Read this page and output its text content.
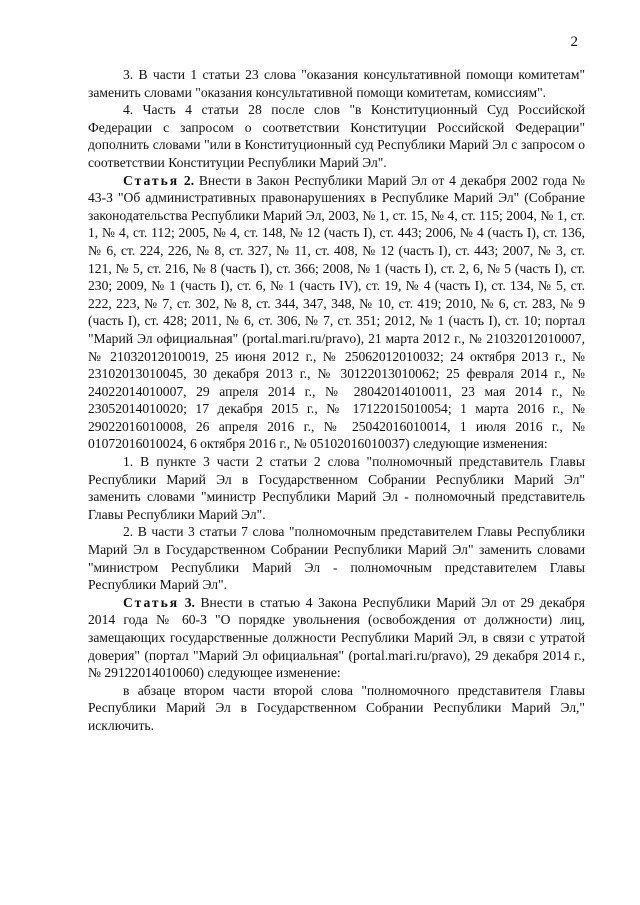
2

3. В части 1 статьи 23 слова "оказания консультативной помощи комитетам" заменить словами "оказания консультативной помощи комитетам, комиссиям".

4. Часть 4 статьи 28 после слов "в Конституционный Суд Российской Федерации с запросом о соответствии Конституции Российской Федерации" дополнить словами "или в Конституционный суд Республики Марий Эл с запросом о соответствии Конституции Республики Марий Эл".

Статья 2. Внести в Закон Республики Марий Эл от 4 декабря 2002 года № 43-З "Об административных правонарушениях в Республике Марий Эл" (Собрание законодательства Республики Марий Эл, 2003, № 1, ст. 15, № 4, ст. 115; 2004, № 1, ст. 1, № 4, ст. 112; 2005, № 4, ст. 148, № 12 (часть I), ст. 443; 2006, № 4 (часть I), ст. 136, № 6, ст. 224, 226, № 8, ст. 327, № 11, ст. 408, № 12 (часть I), ст. 443; 2007, № 3, ст. 121, № 5, ст. 216, № 8 (часть I), ст. 366; 2008, № 1 (часть I), ст. 2, 6, № 5 (часть I), ст. 230; 2009, № 1 (часть I), ст. 6, № 1 (часть IV), ст. 19, № 4 (часть I), ст. 134, № 5, ст. 222, 223, № 7, ст. 302, № 8, ст. 344, 347, 348, № 10, ст. 419; 2010, № 6, ст. 283, № 9 (часть I), ст. 428; 2011, № 6, ст. 306, № 7, ст. 351; 2012, № 1 (часть I), ст. 10; портал "Марий Эл официальная" (portal.mari.ru/pravo), 21 марта 2012 г., № 21032012010007, № 21032012010019, 25 июня 2012 г., № 25062012010032; 24 октября 2013 г., № 23102013010045, 30 декабря 2013 г., № 30122013010062; 25 февраля 2014 г., № 24022014010007, 29 апреля 2014 г., № 28042014010011, 23 мая 2014 г., № 23052014010020; 17 декабря 2015 г., № 17122015010054; 1 марта 2016 г., № 29022016010008, 26 апреля 2016 г., № 25042016010014, 1 июля 2016 г., № 01072016010024, 6 октября 2016 г., № 05102016010037) следующие изменения:

1. В пункте 3 части 2 статьи 2 слова "полномочный представитель Главы Республики Марий Эл в Государственном Собрании Республики Марий Эл" заменить словами "министр Республики Марий Эл - полномочный представитель Главы Республики Марий Эл".

2. В части 3 статьи 7 слова "полномочным представителем Главы Республики Марий Эл в Государственном Собрании Республики Марий Эл" заменить словами "министром Республики Марий Эл - полномочным представителем Главы Республики Марий Эл".

Статья 3. Внести в статью 4 Закона Республики Марий Эл от 29 декабря 2014 года № 60-З "О порядке увольнения (освобождения от должности) лиц, замещающих государственные должности Республики Марий Эл, в связи с утратой доверия" (портал "Марий Эл официальная" (portal.mari.ru/pravo), 29 декабря 2014 г., № 29122014010060) следующее изменение:

в абзаце втором части второй слова "полномочного представителя Главы Республики Марий Эл в Государственном Собрании Республики Марий Эл," исключить.
